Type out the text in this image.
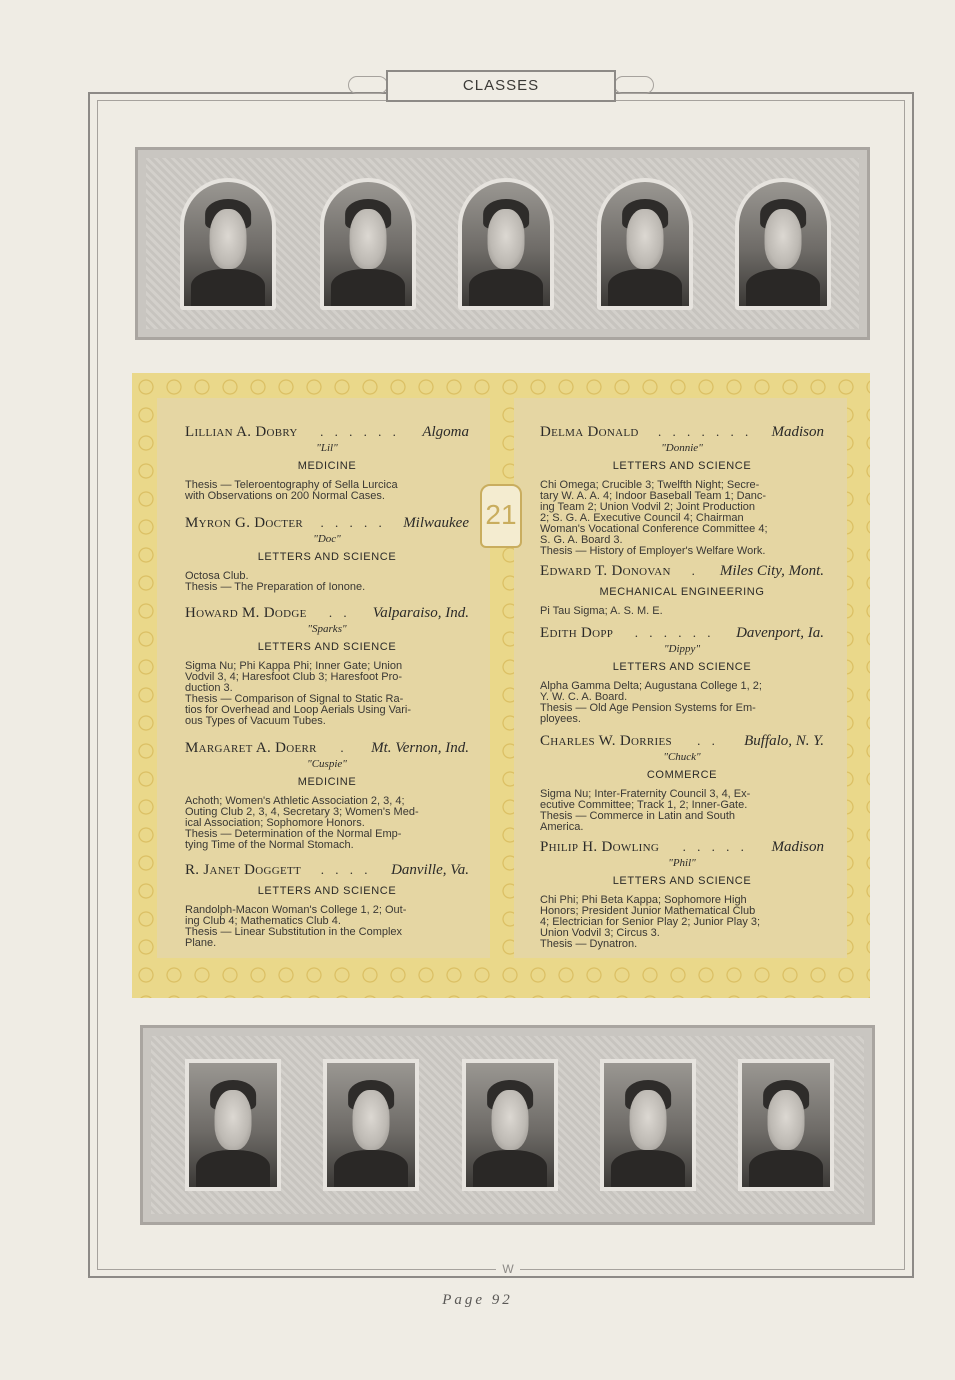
CLASSES
21
Lillian A. Dobry	. . . . . .	Algoma
"Lil"
MEDICINE
Thesis — Teleroentography of Sella Lurcica
with Observations on 200 Normal Cases.
Myron G. Docter	. . . . .	Milwaukee
"Doc"
LETTERS AND SCIENCE
Octosa Club.
Thesis — The Preparation of Ionone.
Howard M. Dodge	. .	Valparaiso, Ind.
"Sparks"
LETTERS AND SCIENCE
Sigma Nu; Phi Kappa Phi; Inner Gate; Union
Vodvil 3, 4; Haresfoot Club 3; Haresfoot Pro-
duction 3.
Thesis — Comparison of Signal to Static Ra-
tios for Overhead and Loop Aerials Using Vari-
ous Types of Vacuum Tubes.
Margaret A. Doerr	.	Mt. Vernon, Ind.
"Cuspie"
MEDICINE
Achoth; Women's Athletic Association 2, 3, 4;
Outing Club 2, 3, 4, Secretary 3; Women's Med-
ical Association; Sophomore Honors.
Thesis — Determination of the Normal Emp-
tying Time of the Normal Stomach.
R. Janet Doggett	. . . .	Danville, Va.
LETTERS AND SCIENCE
Randolph-Macon Woman's College 1, 2; Out-
ing Club 4; Mathematics Club 4.
Thesis — Linear Substitution in the Complex
Plane.
Delma Donald	. . . . . . .	Madison
"Donnie"
LETTERS AND SCIENCE
Chi Omega; Crucible 3; Twelfth Night; Secre-
tary W. A. A. 4; Indoor Baseball Team 1; Danc-
ing Team 2; Union Vodvil 2; Joint Production
2; S. G. A. Executive Council 4; Chairman
Woman's Vocational Conference Committee 4;
S. G. A. Board 3.
Thesis — History of Employer's Welfare Work.
Edward T. Donovan	.	Miles City, Mont.
MECHANICAL ENGINEERING
Pi Tau Sigma; A. S. M. E.
Edith Dopp	. . . . . .	Davenport, Ia.
"Dippy"
LETTERS AND SCIENCE
Alpha Gamma Delta; Augustana College 1, 2;
Y. W. C. A. Board.
Thesis — Old Age Pension Systems for Em-
ployees.
Charles W. Dorries	. .	Buffalo, N. Y.
"Chuck"
COMMERCE
Sigma Nu; Inter-Fraternity Council 3, 4, Ex-
ecutive Committee; Track 1, 2; Inner-Gate.
Thesis — Commerce in Latin and South
America.
Philip H. Dowling	. . . . .	Madison
"Phil"
LETTERS AND SCIENCE
Chi Phi; Phi Beta Kappa; Sophomore High
Honors; President Junior Mathematical Club
4; Electrician for Senior Play 2; Junior Play 3;
Union Vodvil 3; Circus 3.
Thesis — Dynatron.
W
Page 92
